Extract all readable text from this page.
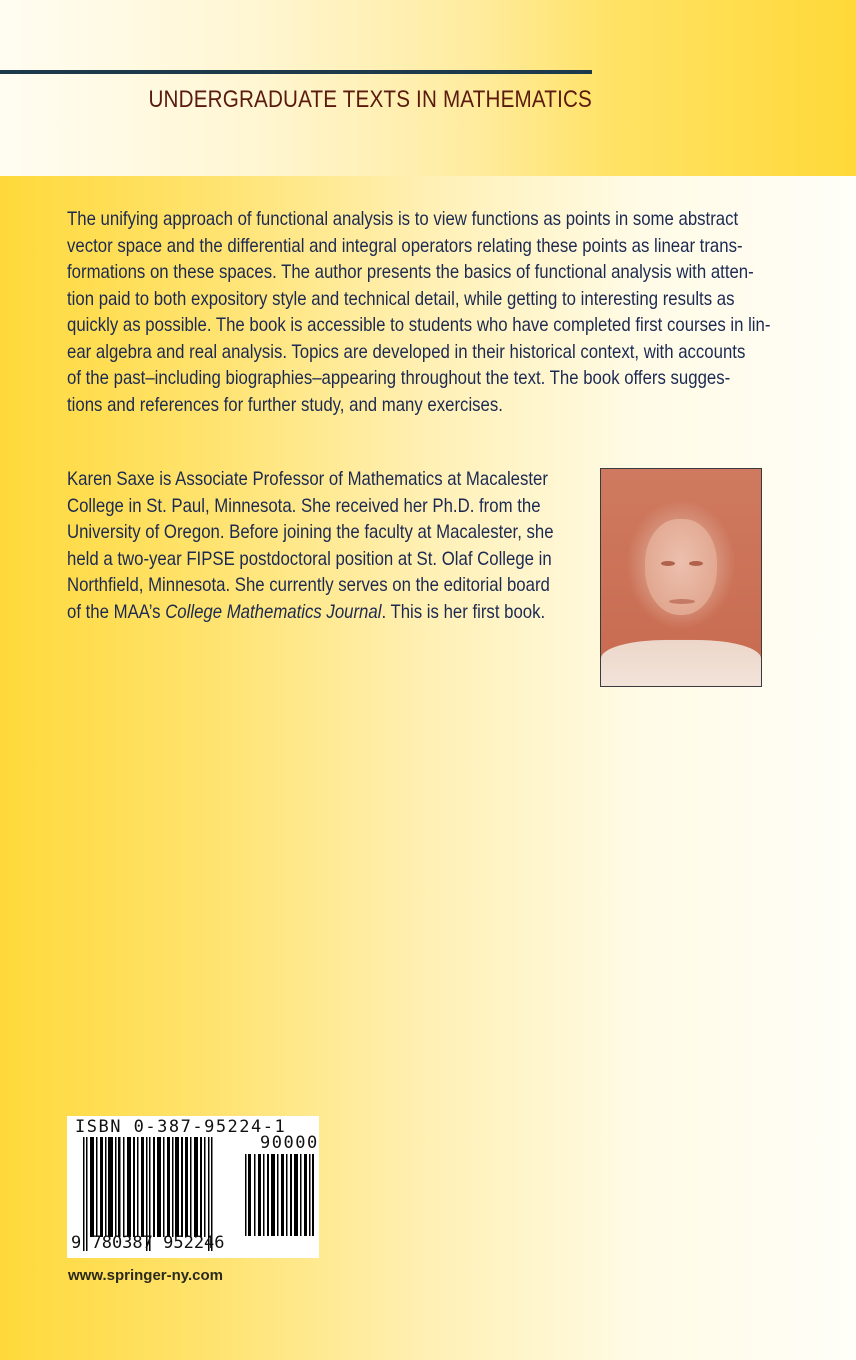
UNDERGRADUATE TEXTS IN MATHEMATICS
The unifying approach of functional analysis is to view functions as points in some abstract
vector space and the differential and integral operators relating these points as linear trans-
formations on these spaces. The author presents the basics of functional analysis with atten-
tion paid to both expository style and technical detail, while getting to interesting results as
quickly as possible. The book is accessible to students who have completed first courses in lin-
ear algebra and real analysis. Topics are developed in their historical context, with accounts
of the past–including biographies–appearing throughout the text. The book offers sugges-
tions and references for further study, and many exercises.
Karen Saxe is Associate Professor of Mathematics at Macalester
College in St. Paul, Minnesota. She received her Ph.D. from the
University of Oregon. Before joining the faculty at Macalester, she
held a two-year FIPSE postdoctoral position at St. Olaf College in
Northfield, Minnesota. She currently serves on the editorial board
of the MAA’s College Mathematics Journal. This is her first book.
ISBN 0-387-95224-1
90000
9 780387 952246
www.springer-ny.com
